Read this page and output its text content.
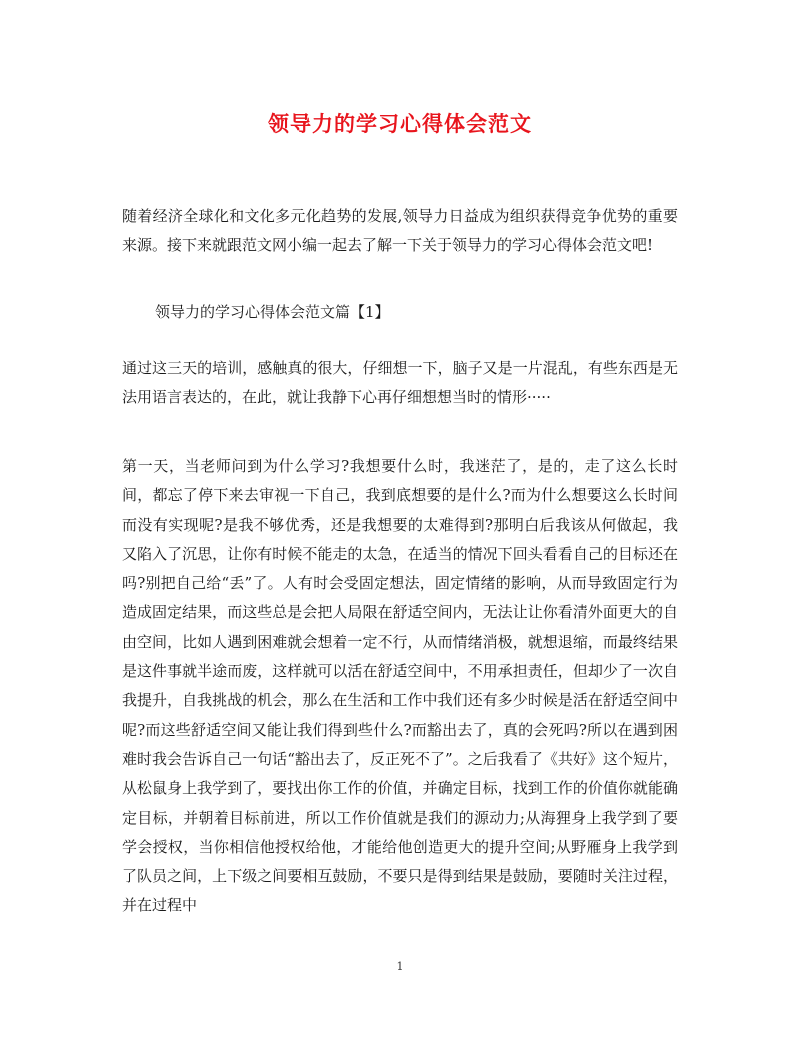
领导力的学习心得体会范文
随着经济全球化和文化多元化趋势的发展,领导力日益成为组织获得竞争优势的重要来源。接下来就跟范文网小编一起去了解一下关于领导力的学习心得体会范文吧!
领导力的学习心得体会范文篇【1】
通过这三天的培训，感触真的很大，仔细想一下，脑子又是一片混乱，有些东西是无法用语言表达的，在此，就让我静下心再仔细想想当时的情形·····
第一天，当老师问到为什么学习?我想要什么时，我迷茫了，是的，走了这么长时间，都忘了停下来去审视一下自己，我到底想要的是什么?而为什么想要这么长时间而没有实现呢?是我不够优秀，还是我想要的太难得到?那明白后我该从何做起，我又陷入了沉思，让你有时候不能走的太急，在适当的情况下回头看看自己的目标还在吗?别把自己给“丢”了。人有时会受固定想法，固定情绪的影响，从而导致固定行为造成固定结果，而这些总是会把人局限在舒适空间内，无法让让你看清外面更大的自由空间，比如人遇到困难就会想着一定不行，从而情绪消极，就想退缩，而最终结果是这件事就半途而废，这样就可以活在舒适空间中，不用承担责任，但却少了一次自我提升，自我挑战的机会，那么在生活和工作中我们还有多少时候是活在舒适空间中呢?而这些舒适空间又能让我们得到些什么?而豁出去了，真的会死吗?所以在遇到困难时我会告诉自己一句话“豁出去了，反正死不了”。之后我看了《共好》这个短片，从松鼠身上我学到了，要找出你工作的价值，并确定目标，找到工作的价值你就能确定目标，并朝着目标前进，所以工作价值就是我们的源动力;从海狸身上我学到了要学会授权，当你相信他授权给他，才能给他创造更大的提升空间;从野雁身上我学到了队员之间，上下级之间要相互鼓励，不要只是得到结果是鼓励，要随时关注过程，并在过程中
1
